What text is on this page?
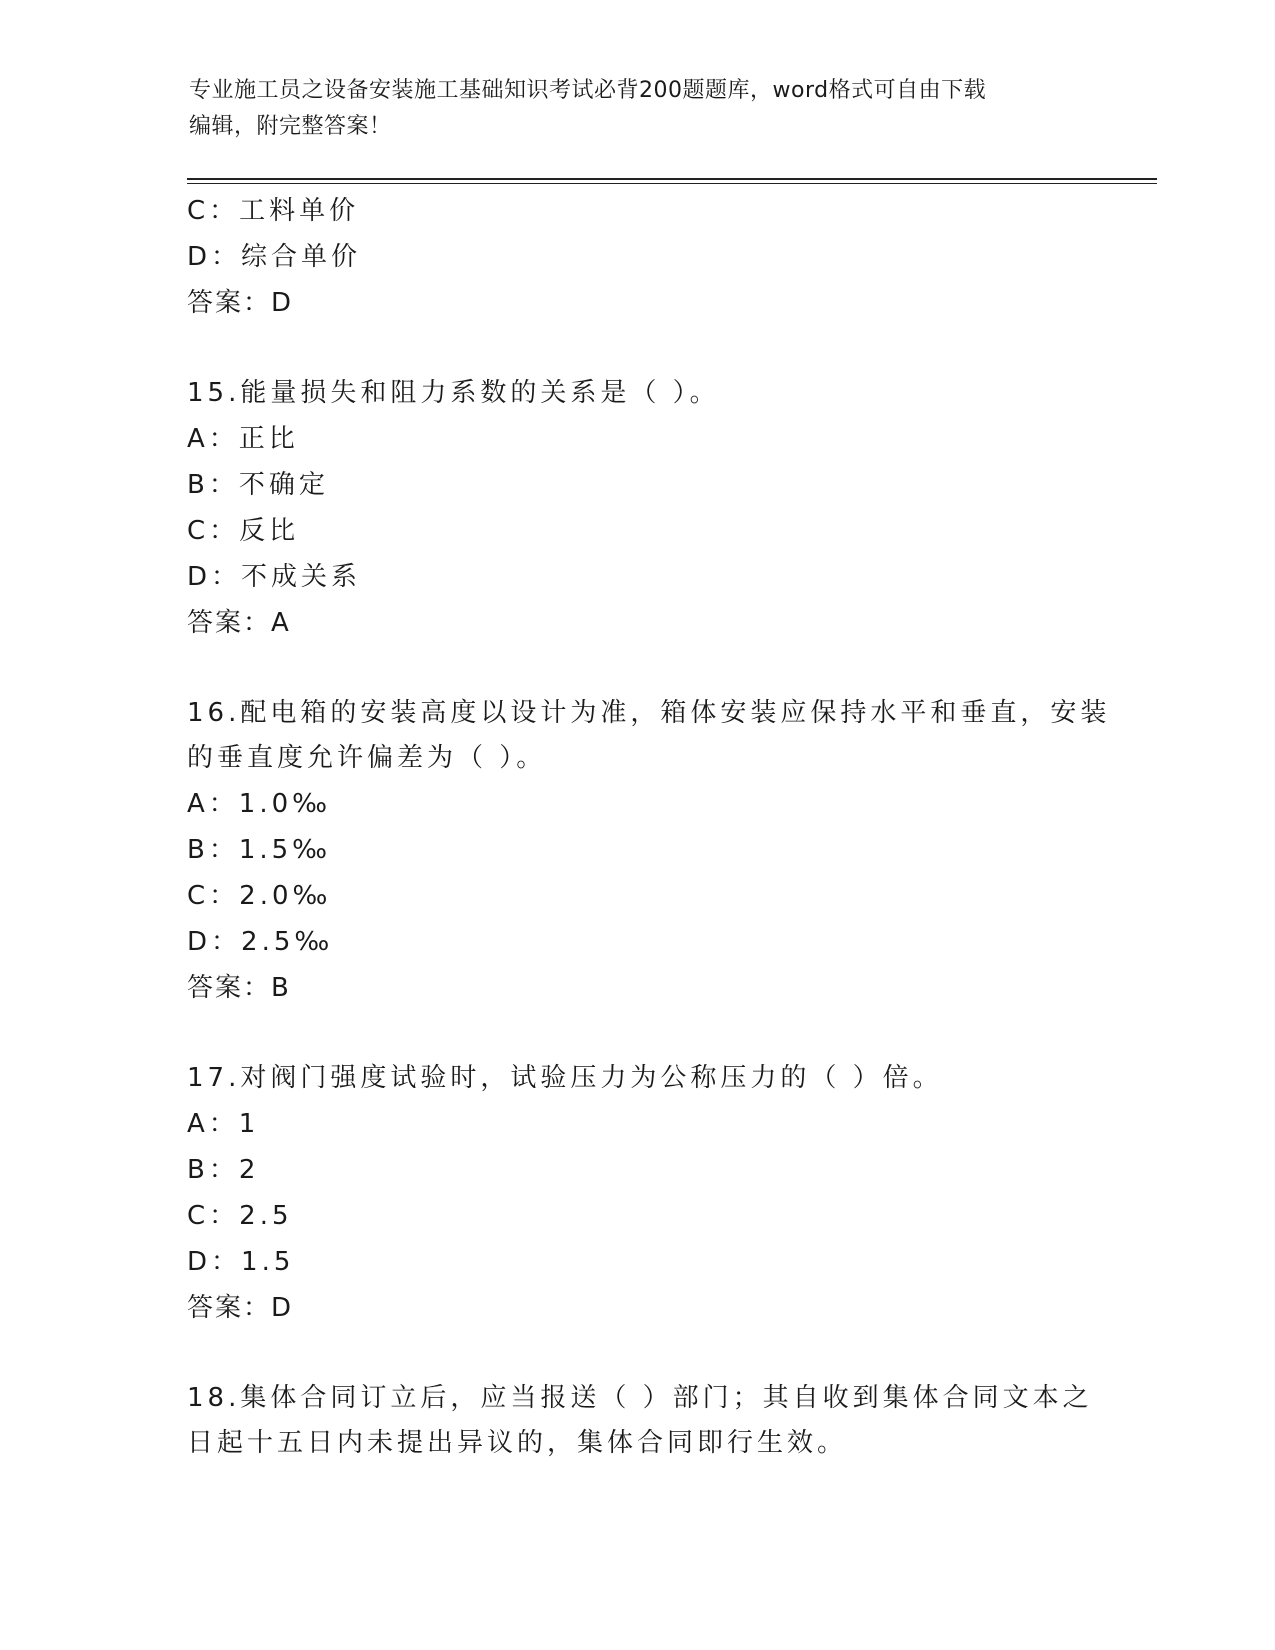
专业施工员之设备安装施工基础知识考试必背200题题库，word格式可自由下载
编辑，附完整答案！
C：工料单价
D：综合单价
答案：D
15.能量损失和阻力系数的关系是（ ）。
A：正比
B：不确定
C：反比
D：不成关系
答案：A
16.配电箱的安装高度以设计为准，箱体安装应保持水平和垂直，安装
的垂直度允许偏差为（ ）。
A：1.0‰
B：1.5‰
C：2.0‰
D：2.5‰
答案：B
17.对阀门强度试验时，试验压力为公称压力的（ ）倍。
A：1
B：2
C：2.5
D：1.5
答案：D
18.集体合同订立后，应当报送（ ）部门；其自收到集体合同文本之
日起十五日内未提出异议的，集体合同即行生效。
